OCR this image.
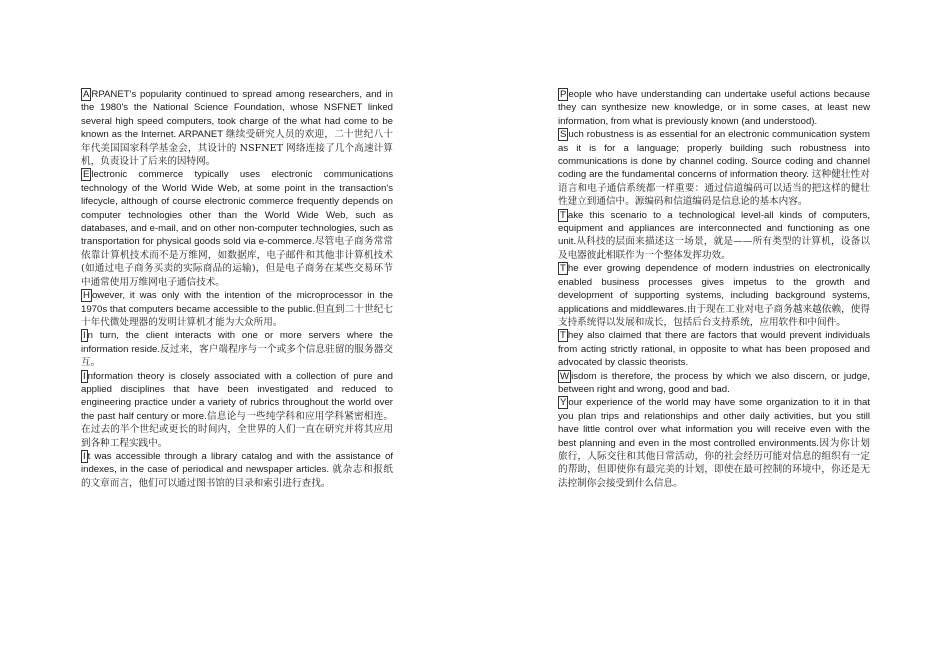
A RPANET's popularity continued to spread among researchers, and in the 1980's the National Science Foundation, whose NSFNET linked several high speed computers, took charge of the what had come to be known as the Internet. ARPANET 继续受研究人员的欢迎，二十世纪八十年代美国国家科学基金会，其设计的 NSFNET 网络连接了几个高速计算机，负责设计了后来的因特网。

E lectronic commerce typically uses electronic communications technology of the World Wide Web, at some point in the transaction's lifecycle, although of course electronic commerce frequently depends on computer technologies other than the World Wide Web, such as databases, and e-mail, and on other non-computer technologies, such as transportation for physical goods sold via e-commerce.尽管电子商务常常依靠计算机技术而不是万维网，如数据库，电子邮件和其他非计算机技术(如通过电子商务买卖的实际商品的运输)，但是电子商务在某些交易环节中通常使用万维网电子通信技术。

H owever, it was only with the intention of the microprocessor in the 1970s that computers became accessible to the public.但直到二十世纪七十年代微处理器的发明计算机才能为大众所用。

I n turn, the client interacts with one or more servers where the information reside.反过来，客户端程序与一个或多个信息驻留的服务器交互。

I nformation theory is closely associated with a collection of pure and applied disciplines that have been investigated and reduced to engineering practice under a variety of rubrics throughout the world over the past half century or more.信息论与一些纯学科和应用学科紧密相连。在过去的半个世纪或更长的时间内，全世界的人们一直在研究并将其应用到各种工程实践中。

I t was accessible through a library catalog and with the assistance of indexes, in the case of periodical and newspaper articles. 就杂志和报纸的文章而言，他们可以通过图书馆的目录和索引进行查找。

P eople who have understanding can undertake useful actions because they can synthesize new knowledge, or in some cases, at least new information, from what is previously known (and understood).

S uch robustness is as essential for an electronic communication system as it is for a language; properly building such robustness into communications is done by channel coding. Source coding and channel coding are the fundamental concerns of information theory. 这种健壮性对语言和电子通信系统都一样重要：通过信道编码可以适当的把这样的健壮性建立到通信中。源编码和信道编码是信息论的基本内容。

T ake this scenario to a technological level-all kinds of computers, equipment and appliances are interconnected and functioning as one unit.从科技的层面来描述这一场景，就是——所有类型的计算机，设备以及电器彼此相联作为一个整体发挥功效。

T he ever growing dependence of modern industries on electronically enabled business processes gives impetus to the growth and development of supporting systems, including background systems, applications and middlewares.由于现在工业对电子商务越来越依赖，使得支持系统得以发展和成长，包括后台支持系统，应用软件和中间件。

T hey also claimed that there are factors that would prevent individuals from acting strictly rational, in opposite to what has been proposed and advocated by classic theorists.

W isdom is therefore, the process by which we also discern, or judge, between right and wrong, good and bad.

Y our experience of the world may have some organization to it in that you plan trips and relationships and other daily activities, but you still have little control over what information you will receive even with the best planning and even in the most controlled environments.因为你计划旅行，人际交往和其他日常活动，你的社会经历可能对信息的组织有一定的帮助，但即使你有最完美的计划，即使在最可控制的环境中，你还是无法控制你会接受到什么信息。
